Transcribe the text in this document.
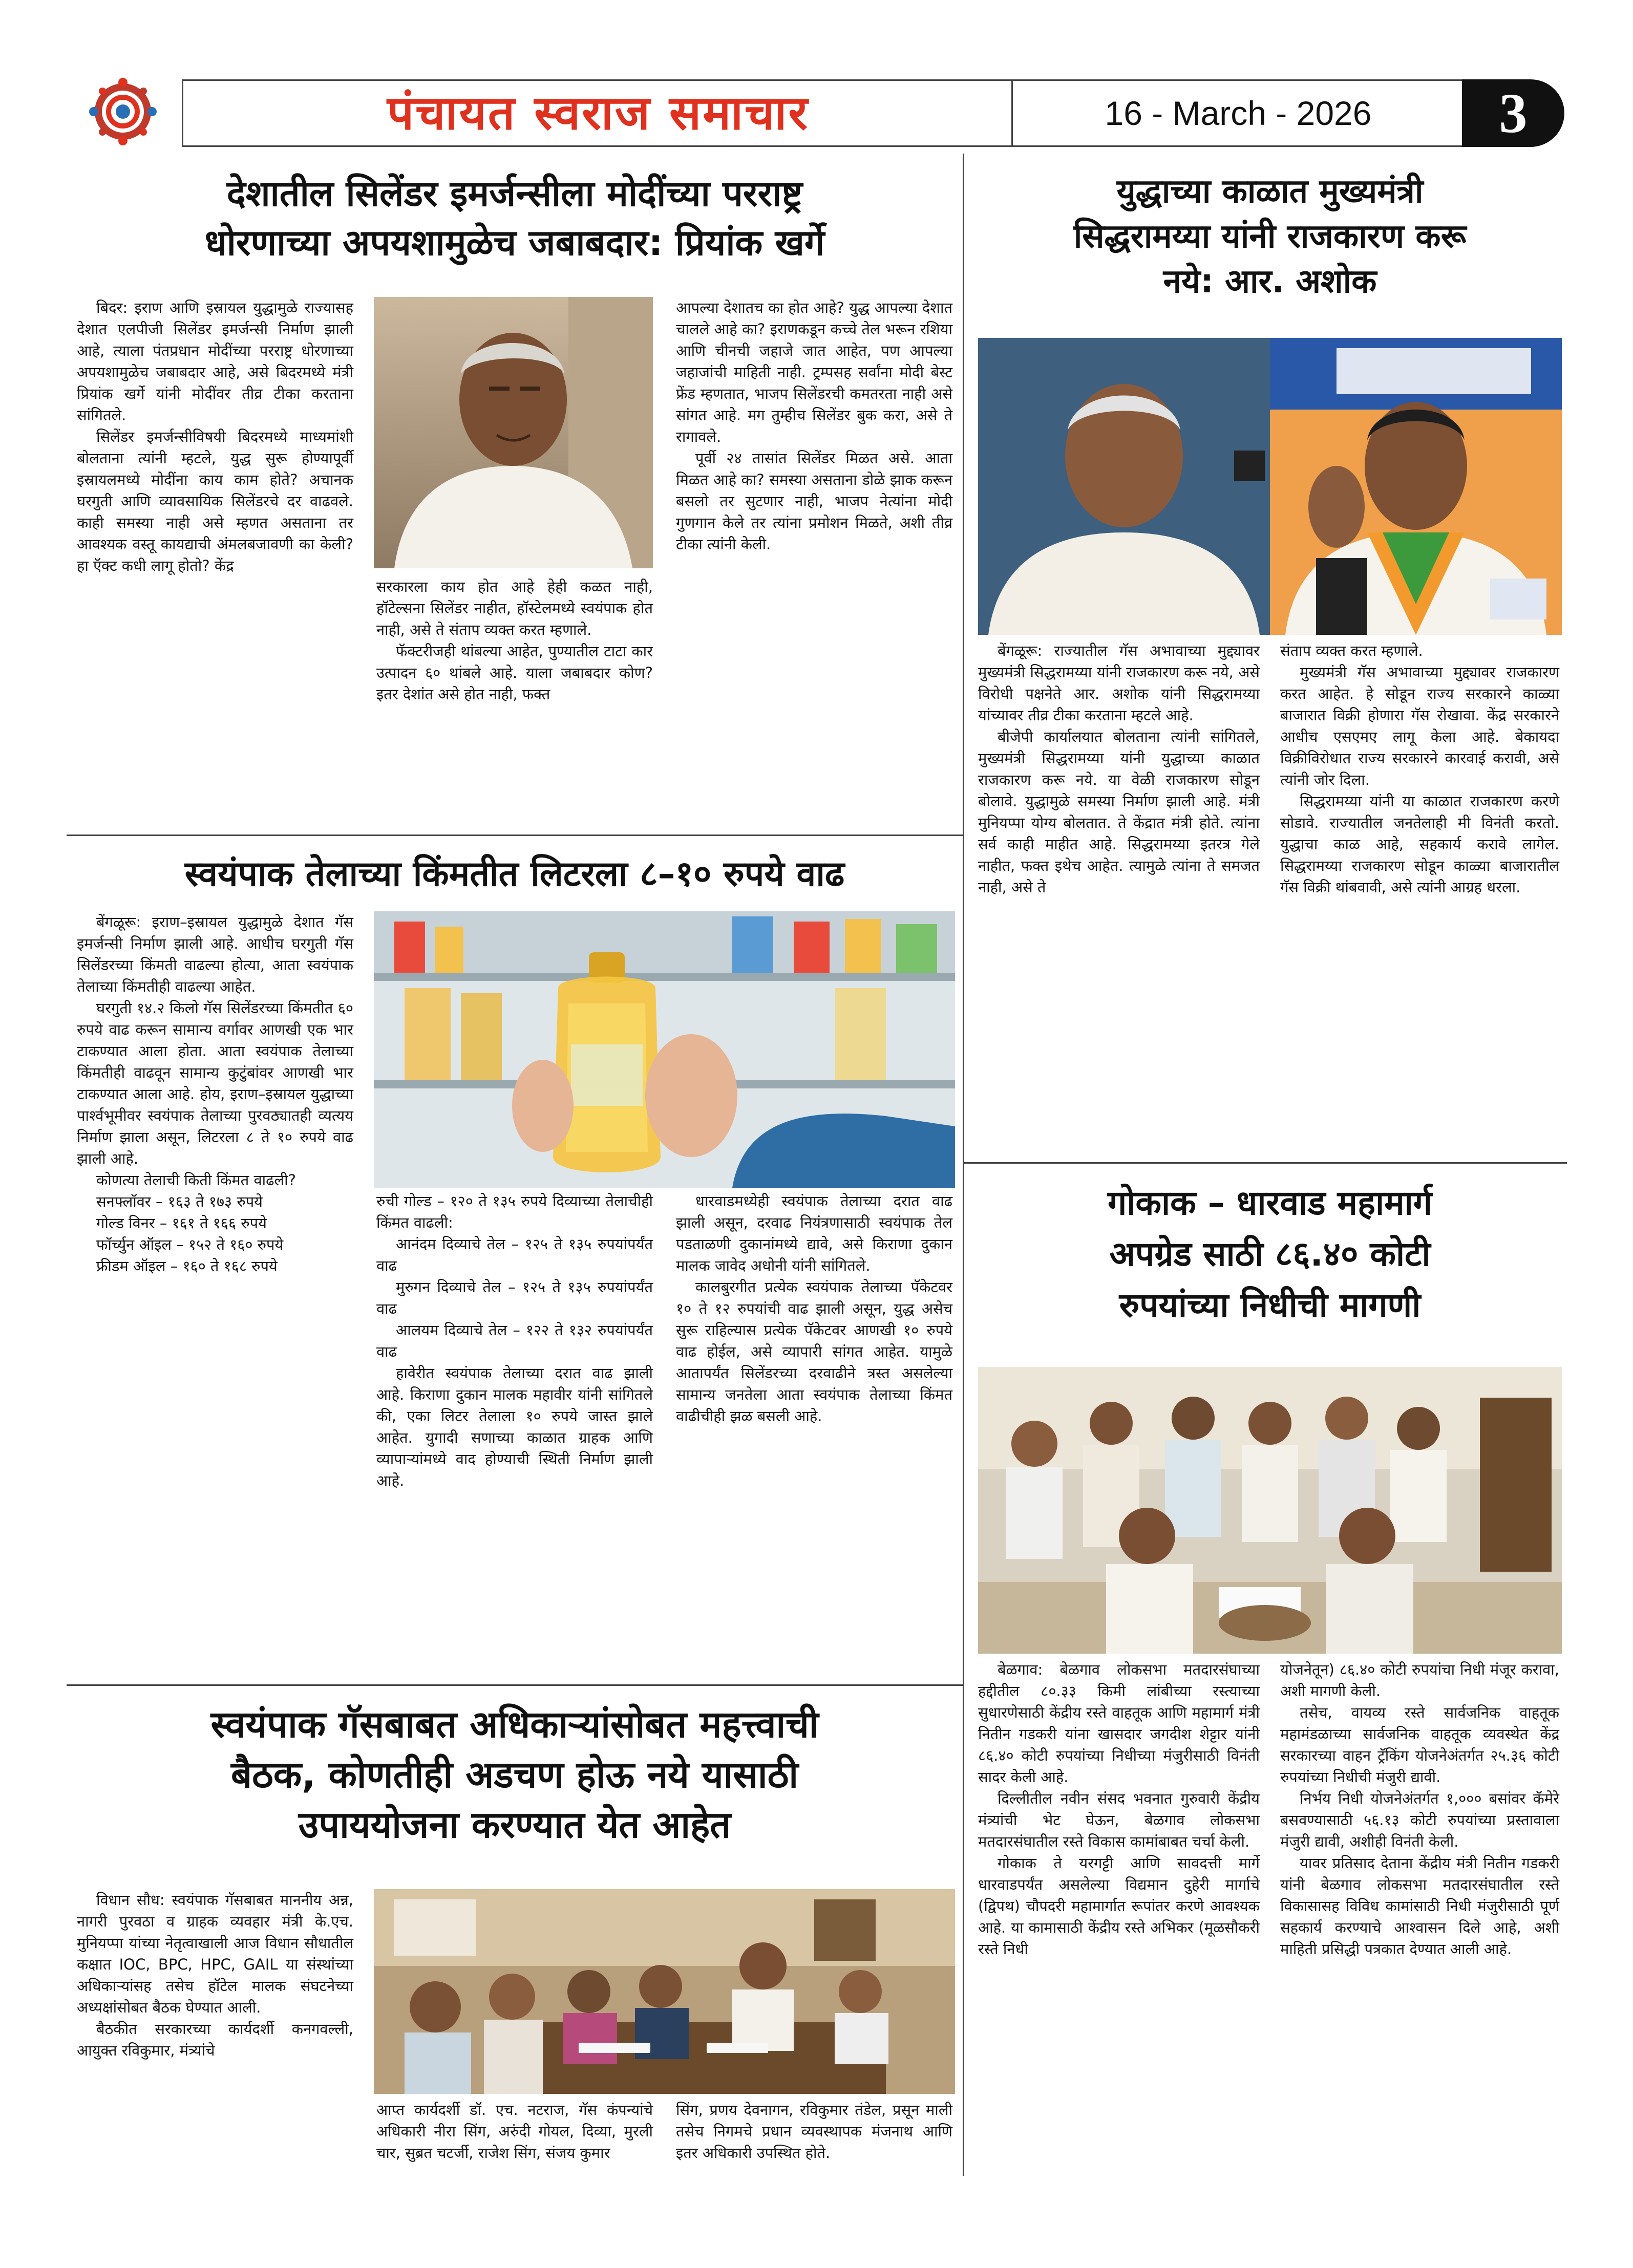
पंचायत स्वराज समाचार	16 - March - 2026	3
देशातील सिलेंडर इमर्जन्सीला मोदींच्या परराष्ट्र
धोरणाच्या अपयशामुळेच जबाबदार: प्रियांक खर्गे

बिदर: इराण आणि इस्रायल युद्धामुळे राज्यासह देशात एलपीजी सिलेंडर इमर्जन्सी निर्माण झाली आहे, त्याला पंतप्रधान मोदींच्या परराष्ट्र धोरणाच्या अपयशामुळेच जबाबदार आहे, असे बिदरमध्ये मंत्री प्रियांक खर्गे यांनी मोदींवर तीव्र टीका करताना सांगितले.

सिलेंडर इमर्जन्सीविषयी बिदरमध्ये माध्यमांशी बोलताना त्यांनी म्हटले, युद्ध सुरू होण्यापूर्वी इस्रायलमध्ये मोदींना काय काम होते? अचानक घरगुती आणि व्यावसायिक सिलेंडरचे दर वाढवले. काही समस्या नाही असे म्हणत असताना तर आवश्यक वस्तू कायद्याची अंमलबजावणी का केली? हा ऍक्ट कधी लागू होतो? केंद्र

सरकारला काय होत आहे हेही कळत नाही, हॉटेल्सना सिलेंडर नाहीत, हॉस्टेलमध्ये स्वयंपाक होत नाही, असे ते संताप व्यक्त करत म्हणाले.

फॅक्टरीजही थांबल्या आहेत, पुण्यातील टाटा कार उत्पादन ६० थांबले आहे. याला जबाबदार कोण? इतर देशांत असे होत नाही, फक्त

आपल्या देशातच का होत आहे? युद्ध आपल्या देशात चालले आहे का? इराणकडून कच्चे तेल भरून रशिया आणि चीनची जहाजे जात आहेत, पण आपल्या जहाजांची माहिती नाही. ट्रम्पसह सर्वांना मोदी बेस्ट फ्रेंड म्हणतात, भाजप सिलेंडरची कमतरता नाही असे सांगत आहे. मग तुम्हीच सिलेंडर बुक करा, असे ते रागावले.

पूर्वी २४ तासांत सिलेंडर मिळत असे. आता मिळत आहे का? समस्या असताना डोळे झाक करून बसलो तर सुटणार नाही, भाजप नेत्यांना मोदी गुणगान केले तर त्यांना प्रमोशन मिळते, अशी तीव्र टीका त्यांनी केली.

स्वयंपाक तेलाच्या किंमतीत लिटरला ८–१० रुपये वाढ

बेंगळूरू: इराण–इस्रायल युद्धामुळे देशात गॅस इमर्जन्सी निर्माण झाली आहे. आधीच घरगुती गॅस सिलेंडरच्या किंमती वाढल्या होत्या, आता स्वयंपाक तेलाच्या किंमतीही वाढल्या आहेत.

घरगुती १४.२ किलो गॅस सिलेंडरच्या किंमतीत ६० रुपये वाढ करून सामान्य वर्गावर आणखी एक भार टाकण्यात आला होता. आता स्वयंपाक तेलाच्या किंमतीही वाढवून सामान्य कुटुंबांवर आणखी भार टाकण्यात आला आहे. होय, इराण–इस्रायल युद्धाच्या पार्श्वभूमीवर स्वयंपाक तेलाच्या पुरवठ्यातही व्यत्यय निर्माण झाला असून, लिटरला ८ ते १० रुपये वाढ झाली आहे.

कोणत्या तेलाची किती किंमत वाढली?

सनफ्लॉवर – १६३ ते १७३ रुपये

गोल्ड विनर – १६१ ते १६६ रुपये

फॉर्च्युन ऑइल – १५२ ते १६० रुपये

फ्रीडम ऑइल – १६० ते १६८ रुपये

रुची गोल्ड – १२० ते १३५ रुपये दिव्याच्या तेलाचीही किंमत वाढली:

आनंदम दिव्याचे तेल – १२५ ते १३५ रुपयांपर्यंत वाढ

मुरुगन दिव्याचे तेल – १२५ ते १३५ रुपयांपर्यंत वाढ

आलयम दिव्याचे तेल – १२२ ते १३२ रुपयांपर्यंत वाढ

हावेरीत स्वयंपाक तेलाच्या दरात वाढ झाली आहे. किराणा दुकान मालक महावीर यांनी सांगितले की, एका लिटर तेलाला १० रुपये जास्त झाले आहेत. युगादी सणाच्या काळात ग्राहक आणि व्यापाऱ्यांमध्ये वाद होण्याची स्थिती निर्माण झाली आहे.

धारवाडमध्येही स्वयंपाक तेलाच्या दरात वाढ झाली असून, दरवाढ नियंत्रणासाठी स्वयंपाक तेल पडताळणी दुकानांमध्ये द्यावे, असे किराणा दुकान मालक जावेद अधोनी यांनी सांगितले.

कालबुरगीत प्रत्येक स्वयंपाक तेलाच्या पॅकेटवर १० ते १२ रुपयांची वाढ झाली असून, युद्ध असेच सुरू राहिल्यास प्रत्येक पॅकेटवर आणखी १० रुपये वाढ होईल, असे व्यापारी सांगत आहेत. यामुळे आतापर्यंत सिलेंडरच्या दरवाढीने त्रस्त असलेल्या सामान्य जनतेला आता स्वयंपाक तेलाच्या किंमत वाढीचीही झळ बसली आहे.

स्वयंपाक गॅसबाबत अधिकाऱ्यांसोबत महत्त्वाची
बैठक, कोणतीही अडचण होऊ नये यासाठी
उपाययोजना करण्यात येत आहेत

विधान सौध: स्वयंपाक गॅसबाबत माननीय अन्न, नागरी पुरवठा व ग्राहक व्यवहार मंत्री के.एच. मुनियप्पा यांच्या नेतृत्वाखाली आज विधान सौधातील कक्षात IOC, BPC, HPC, GAIL या संस्थांच्या अधिकाऱ्यांसह तसेच हॉटेल मालक संघटनेच्या अध्यक्षांसोबत बैठक घेण्यात आली.

बैठकीत सरकारच्या कार्यदर्शी कनगवल्ली, आयुक्त रविकुमार, मंत्र्यांचे

आप्त कार्यदर्शी डॉ. एच. नटराज, गॅस कंपन्यांचे अधिकारी नीरा सिंग, अरुंदी गोयल, दिव्या, मुरली चार, सुब्रत चटर्जी, राजेश सिंग, संजय कुमार

सिंग, प्रणय देवनागन, रविकुमार तंडेल, प्रसून माली तसेच निगमचे प्रधान व्यवस्थापक मंजनाथ आणि इतर अधिकारी उपस्थित होते.

युद्धाच्या काळात मुख्यमंत्री
सिद्धरामय्या यांनी राजकारण करू
नये: आर. अशोक

बेंगळूरू: राज्यातील गॅस अभावाच्या मुद्द्यावर मुख्यमंत्री सिद्धरामय्या यांनी राजकारण करू नये, असे विरोधी पक्षनेते आर. अशोक यांनी सिद्धरामय्या यांच्यावर तीव्र टीका करताना म्हटले आहे.

बीजेपी कार्यालयात बोलताना त्यांनी सांगितले, मुख्यमंत्री सिद्धरामय्या यांनी युद्धाच्या काळात राजकारण करू नये. या वेळी राजकारण सोडून बोलावे. युद्धामुळे समस्या निर्माण झाली आहे. मंत्री मुनियप्पा योग्य बोलतात. ते केंद्रात मंत्री होते. त्यांना सर्व काही माहीत आहे. सिद्धरामय्या इतरत्र गेले नाहीत, फक्त इथेच आहेत. त्यामुळे त्यांना ते समजत नाही, असे ते

संताप व्यक्त करत म्हणाले.

मुख्यमंत्री गॅस अभावाच्या मुद्द्यावर राजकारण करत आहेत. हे सोडून राज्य सरकारने काळ्या बाजारात विक्री होणारा गॅस रोखावा. केंद्र सरकारने आधीच एसएमए लागू केला आहे. बेकायदा विक्रीविरोधात राज्य सरकारने कारवाई करावी, असे त्यांनी जोर दिला.

सिद्धरामय्या यांनी या काळात राजकारण करणे सोडावे. राज्यातील जनतेलाही मी विनंती करतो. युद्धाचा काळ आहे, सहकार्य करावे लागेल. सिद्धरामय्या राजकारण सोडून काळ्या बाजारातील गॅस विक्री थांबवावी, असे त्यांनी आग्रह धरला.

गोकाक – धारवाड महामार्ग
अपग्रेड साठी ८६.४० कोटी
रुपयांच्या निधीची मागणी

बेळगाव: बेळगाव लोकसभा मतदारसंघाच्या हद्दीतील ८०.३३ किमी लांबीच्या रस्त्याच्या सुधारणेसाठी केंद्रीय रस्ते वाहतूक आणि महामार्ग मंत्री नितीन गडकरी यांना खासदार जगदीश शेट्टार यांनी ८६.४० कोटी रुपयांच्या निधीच्या मंजुरीसाठी विनंती सादर केली आहे.

दिल्लीतील नवीन संसद भवनात गुरुवारी केंद्रीय मंत्र्यांची भेट घेऊन, बेळगाव लोकसभा मतदारसंघातील रस्ते विकास कामांबाबत चर्चा केली.

गोकाक ते यरगट्टी आणि सावदत्ती मार्गे धारवाडपर्यंत असलेल्या विद्यमान दुहेरी मार्गाचे (द्विपथ) चौपदरी महामार्गात रूपांतर करणे आवश्यक आहे. या कामासाठी केंद्रीय रस्ते अभिकर (मूळसौकरी रस्ते निधी

योजनेतून) ८६.४० कोटी रुपयांचा निधी मंजूर करावा, अशी मागणी केली.

तसेच, वायव्य रस्ते सार्वजनिक वाहतूक महामंडळाच्या सार्वजनिक वाहतूक व्यवस्थेत केंद्र सरकारच्या वाहन ट्रॅकिंग योजनेअंतर्गत २५.३६ कोटी रुपयांच्या निधीची मंजुरी द्यावी.

निर्भय निधी योजनेअंतर्गत १,००० बसांवर कॅमेरे बसवण्यासाठी ५६.१३ कोटी रुपयांच्या प्रस्तावाला मंजुरी द्यावी, अशीही विनंती केली.

यावर प्रतिसाद देताना केंद्रीय मंत्री नितीन गडकरी यांनी बेळगाव लोकसभा मतदारसंघातील रस्ते विकासासह विविध कामांसाठी निधी मंजुरीसाठी पूर्ण सहकार्य करण्याचे आश्वासन दिले आहे, अशी माहिती प्रसिद्धी पत्रकात देण्यात आली आहे.
